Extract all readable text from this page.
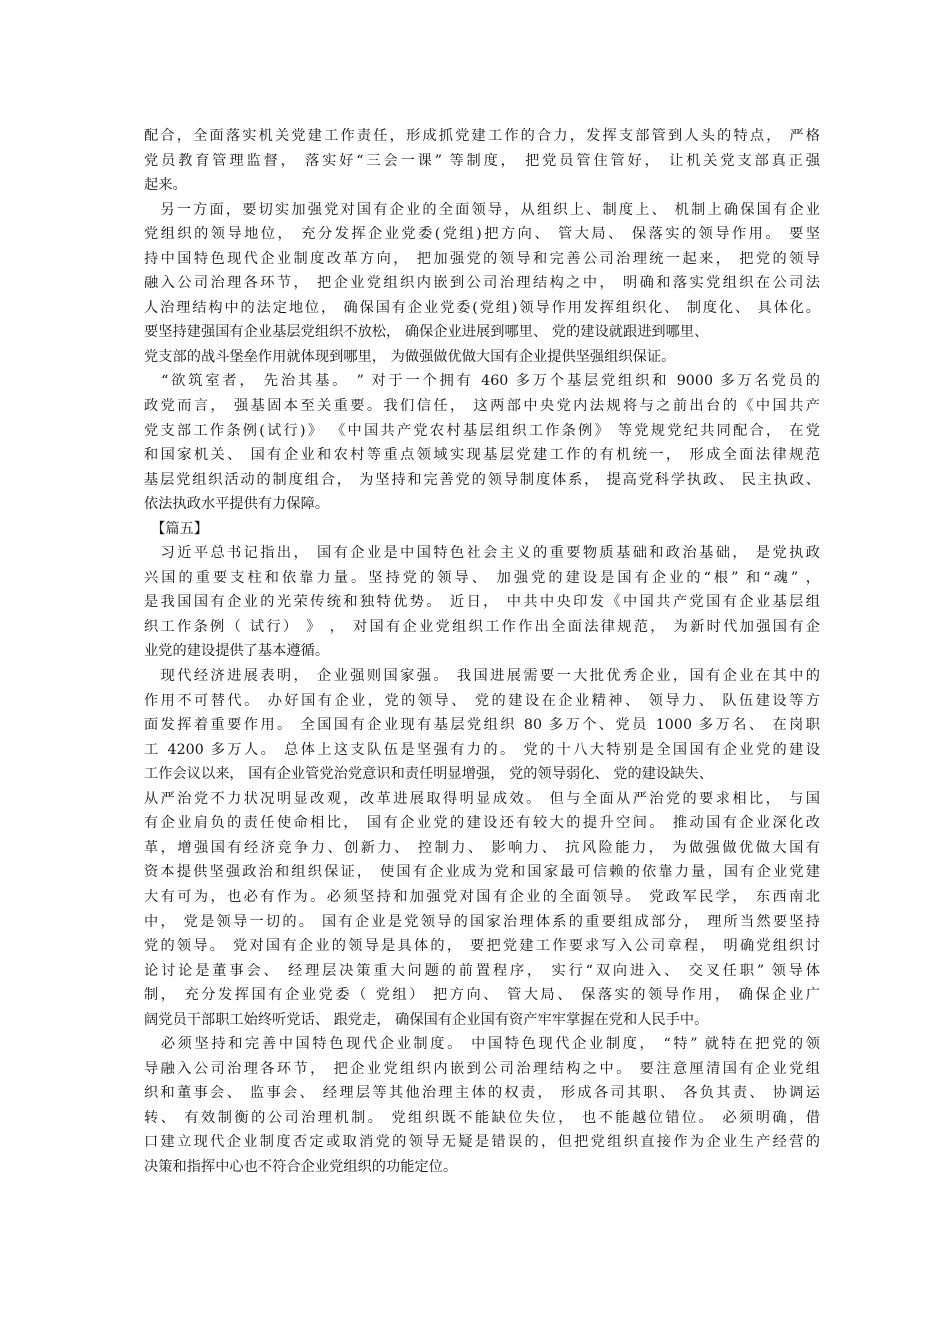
配合，全面落实机关党建工作责任，形成抓党建工作的合力，发挥支部管到人头的特点， 严格
党员教育管理监督， 落实好“三会一课” 等制度， 把党员管住管好， 让机关党支部真正强
起来。
　另一方面，要切实加强党对国有企业的全面领导，从组织上、制度上、 机制上确保国有企业
党组织的领导地位， 充分发挥企业党委(党组)把方向、 管大局、 保落实的领导作用。 要坚
持中国特色现代企业制度改革方向， 把加强党的领导和完善公司治理统一起来， 把党的领导
融入公司治理各环节， 把企业党组织内嵌到公司治理结构之中， 明确和落实党组织在公司法
人治理结构中的法定地位， 确保国有企业党委(党组)领导作用发挥组织化、 制度化、 具体化。
要坚持建强国有企业基层党组织不放松， 确保企业进展到哪里、 党的建设就跟进到哪里、
党支部的战斗堡垒作用就体现到哪里， 为做强做优做大国有企业提供坚强组织保证。
　“欲筑室者， 先治其基。 ” 对于一个拥有 460 多万个基层党组织和 9000 多万名党员的
政党而言， 强基固本至关重要。我们信任， 这两部中央党内法规将与之前出台的《中国共产
党支部工作条例(试行)》 《中国共产党农村基层组织工作条例》 等党规党纪共同配合， 在党
和国家机关、 国有企业和农村等重点领域实现基层党建工作的有机统一， 形成全面法律规范
基层党组织活动的制度组合， 为坚持和完善党的领导制度体系， 提高党科学执政、 民主执政、
依法执政水平提供有力保障。
　【篇五】
　习近平总书记指出， 国有企业是中国特色社会主义的重要物质基础和政治基础， 是党执政
兴国的重要支柱和依靠力量。坚持党的领导、 加强党的建设是国有企业的“根” 和“魂” ，
是我国国有企业的光荣传统和独特优势。 近日， 中共中央印发《中国共产党国有企业基层组
织工作条例（ 试行） 》 ， 对国有企业党组织工作作出全面法律规范， 为新时代加强国有企
业党的建设提供了基本遵循。
　现代经济进展表明， 企业强则国家强。 我国进展需要一大批优秀企业，国有企业在其中的
作用不可替代。 办好国有企业，党的领导、 党的建设在企业精神、 领导力、 队伍建设等方
面发挥着重要作用。 全国国有企业现有基层党组织 80 多万个、党员 1000 多万名、 在岗职
工 4200 多万人。 总体上这支队伍是坚强有力的。 党的十八大特别是全国国有企业党的建设
工作会议以来， 国有企业管党治党意识和责任明显增强， 党的领导弱化、 党的建设缺失、
从严治党不力状况明显改观，改革进展取得明显成效。 但与全面从严治党的要求相比， 与国
有企业肩负的责任使命相比， 国有企业党的建设还有较大的提升空间。 推动国有企业深化改
革，增强国有经济竞争力、创新力、 控制力、 影响力、 抗风险能力， 为做强做优做大国有
资本提供坚强政治和组织保证， 使国有企业成为党和国家最可信赖的依靠力量，国有企业党建
大有可为，也必有作为。必须坚持和加强党对国有企业的全面领导。 党政军民学， 东西南北
中， 党是领导一切的。 国有企业是党领导的国家治理体系的重要组成部分， 理所当然要坚持
党的领导。 党对国有企业的领导是具体的， 要把党建工作要求写入公司章程， 明确党组织讨
论讨论是董事会、 经理层决策重大问题的前置程序， 实行“双向进入、 交叉任职” 领导体
制， 充分发挥国有企业党委（ 党组） 把方向、 管大局、 保落实的领导作用， 确保企业广
阔党员干部职工始终听党话、 跟党走， 确保国有企业国有资产牢牢掌握在党和人民手中。
　必须坚持和完善中国特色现代企业制度。 中国特色现代企业制度， “特” 就特在把党的领
导融入公司治理各环节， 把企业党组织内嵌到公司治理结构之中。 要注意厘清国有企业党组
织和董事会、 监事会、 经理层等其他治理主体的权责， 形成各司其职、 各负其责、 协调运
转、 有效制衡的公司治理机制。 党组织既不能缺位失位， 也不能越位错位。 必须明确，借
口建立现代企业制度否定或取消党的领导无疑是错误的，但把党组织直接作为企业生产经营的
决策和指挥中心也不符合企业党组织的功能定位。
